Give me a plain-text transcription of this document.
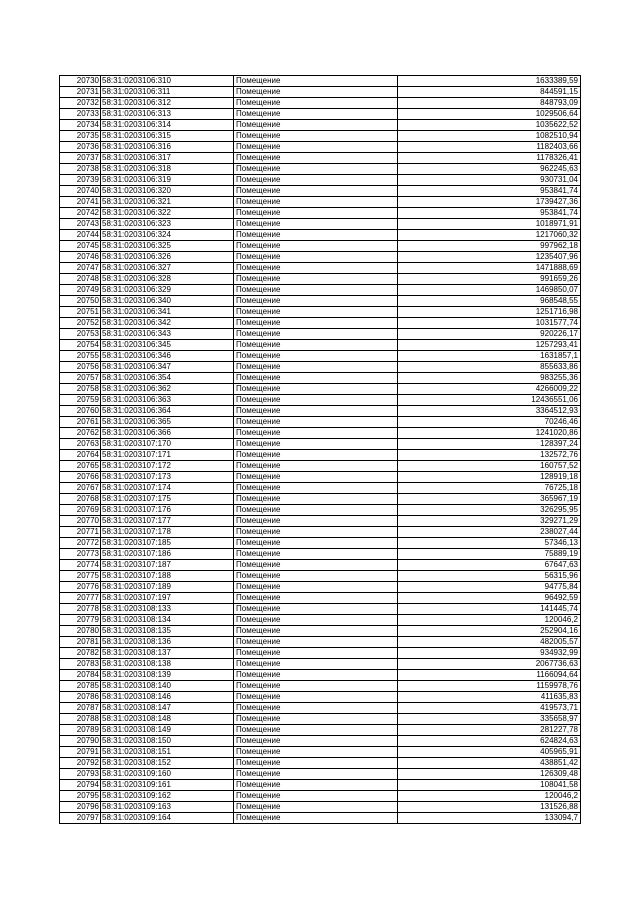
20730	58:31:0203106:310	Помещение	1633389,59
20731	58:31:0203106:311	Помещение	844591,15
20732	58:31:0203106:312	Помещение	848793,09
20733	58:31:0203106:313	Помещение	1029506,64
20734	58:31:0203106:314	Помещение	1035622,52
20735	58:31:0203106:315	Помещение	1082510,94
20736	58:31:0203106:316	Помещение	1182403,66
20737	58:31:0203106:317	Помещение	1178326,41
20738	58:31:0203106:318	Помещение	962245,63
20739	58:31:0203106:319	Помещение	930731,04
20740	58:31:0203106:320	Помещение	953841,74
20741	58:31:0203106:321	Помещение	1739427,36
20742	58:31:0203106:322	Помещение	953841,74
20743	58:31:0203106:323	Помещение	1018971,91
20744	58:31:0203106:324	Помещение	1217060,32
20745	58:31:0203106:325	Помещение	997962,18
20746	58:31:0203106:326	Помещение	1235407,96
20747	58:31:0203106:327	Помещение	1471888,69
20748	58:31:0203106:328	Помещение	991659,26
20749	58:31:0203106:329	Помещение	1469850,07
20750	58:31:0203106:340	Помещение	968548,55
20751	58:31:0203106:341	Помещение	1251716,98
20752	58:31:0203106:342	Помещение	1031577,74
20753	58:31:0203106:343	Помещение	920226,17
20754	58:31:0203106:345	Помещение	1257293,41
20755	58:31:0203106:346	Помещение	1631857,1
20756	58:31:0203106:347	Помещение	855633,86
20757	58:31:0203106:354	Помещение	983255,36
20758	58:31:0203106:362	Помещение	4266009,22
20759	58:31:0203106:363	Помещение	12436551,06
20760	58:31:0203106:364	Помещение	3364512,93
20761	58:31:0203106:365	Помещение	70246,46
20762	58:31:0203106:366	Помещение	1241020,86
20763	58:31:0203107:170	Помещение	128397,24
20764	58:31:0203107:171	Помещение	132572,76
20765	58:31:0203107:172	Помещение	160757,52
20766	58:31:0203107:173	Помещение	128919,18
20767	58:31:0203107:174	Помещение	76725,18
20768	58:31:0203107:175	Помещение	365967,19
20769	58:31:0203107:176	Помещение	326295,95
20770	58:31:0203107:177	Помещение	329271,29
20771	58:31:0203107:178	Помещение	238027,44
20772	58:31:0203107:185	Помещение	57346,13
20773	58:31:0203107:186	Помещение	75889,19
20774	58:31:0203107:187	Помещение	67647,63
20775	58:31:0203107:188	Помещение	56315,96
20776	58:31:0203107:189	Помещение	94775,84
20777	58:31:0203107:197	Помещение	96492,59
20778	58:31:0203108:133	Помещение	141445,74
20779	58:31:0203108:134	Помещение	120046,2
20780	58:31:0203108:135	Помещение	252904,16
20781	58:31:0203108:136	Помещение	482005,57
20782	58:31:0203108:137	Помещение	934932,99
20783	58:31:0203108:138	Помещение	2067736,63
20784	58:31:0203108:139	Помещение	1166094,64
20785	58:31:0203108:140	Помещение	1159978,76
20786	58:31:0203108:146	Помещение	411635,83
20787	58:31:0203108:147	Помещение	419573,71
20788	58:31:0203108:148	Помещение	335658,97
20789	58:31:0203108:149	Помещение	281227,78
20790	58:31:0203108:150	Помещение	624824,63
20791	58:31:0203108:151	Помещение	405965,91
20792	58:31:0203108:152	Помещение	438851,42
20793	58:31:0203109:160	Помещение	126309,48
20794	58:31:0203109:161	Помещение	108041,58
20795	58:31:0203109:162	Помещение	120046,2
20796	58:31:0203109:163	Помещение	131526,88
20797	58:31:0203109:164	Помещение	133094,7
